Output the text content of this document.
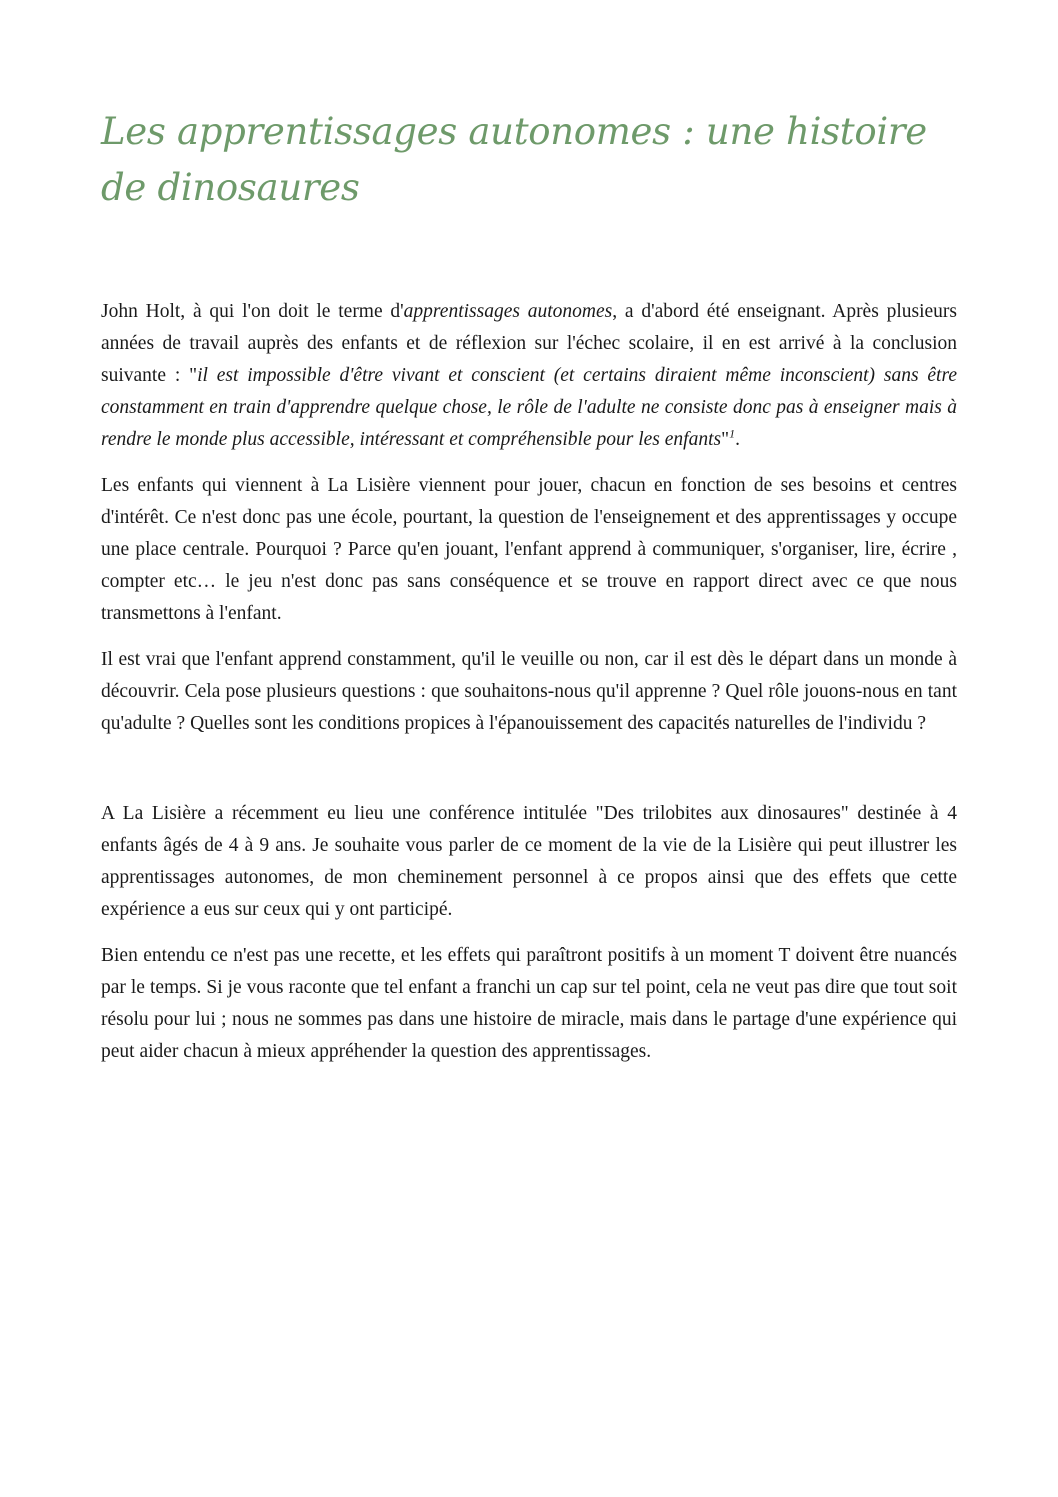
Les apprentissages autonomes : une histoire de dinosaures

John Holt, à qui l'on doit le terme d'apprentissages autonomes, a d'abord été enseignant. Après plusieurs années de travail auprès des enfants et de réflexion sur l'échec scolaire, il en est arrivé à la conclusion suivante : "il est impossible d'être vivant et conscient (et certains diraient même inconscient) sans être constamment en train d'apprendre quelque chose, le rôle de l'adulte ne consiste donc pas à enseigner mais à rendre le monde plus accessible, intéressant et compréhensible pour les enfants"$^1$.

Les enfants qui viennent à La Lisière viennent pour jouer, chacun en fonction de ses besoins et centres d'intérêt. Ce n'est donc pas une école, pourtant, la question de l'enseignement et des apprentissages y occupe une place centrale. Pourquoi ? Parce qu'en jouant, l'enfant apprend à communiquer, s'organiser, lire, écrire , compter etc… le jeu n'est donc pas sans conséquence et se trouve en rapport direct avec ce que nous transmettons à l'enfant.

Il est vrai que l'enfant apprend constamment, qu'il le veuille ou non, car il est dès le départ dans un monde à découvrir. Cela pose plusieurs questions : que souhaitons-nous qu'il apprenne ? Quel rôle jouons-nous en tant qu'adulte ? Quelles sont les conditions propices à l'épanouissement des capacités naturelles de l'individu ?

A La Lisière a récemment eu lieu une conférence intitulée "Des trilobites aux dinosaures" destinée à 4 enfants âgés de 4 à 9 ans. Je souhaite vous parler de ce moment de la vie de la Lisière qui peut illustrer les apprentissages autonomes, de mon cheminement personnel à ce propos ainsi que des effets que cette expérience a eus sur ceux qui y ont participé.

Bien entendu ce n'est pas une recette, et les effets qui paraîtront positifs à un moment T doivent être nuancés par le temps. Si je vous raconte que tel enfant a franchi un cap sur tel point, cela ne veut pas dire que tout soit résolu pour lui ; nous ne sommes pas dans une histoire de miracle, mais dans le partage d'une expérience qui peut aider chacun à mieux appréhender la question des apprentissages.
